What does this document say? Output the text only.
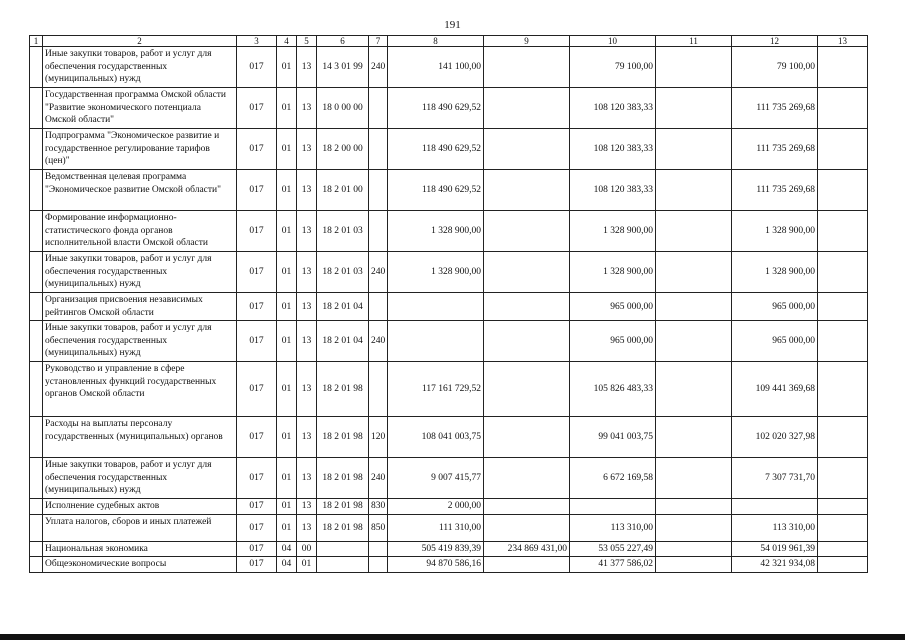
191
1	2	3	4	5	6	7	8	9	10	11	12	13
	Иные закупки товаров, работ и услуг для обеспечения государственных (муниципальных) нужд	017	01	13	14 3 01 99	240	141 100,00		79 100,00		79 100,00	
	Государственная программа Омской области "Развитие экономического потенциала Омской области"	017	01	13	18 0 00 00		118 490 629,52		108 120 383,33		111 735 269,68	
	Подпрограмма "Экономическое развитие и государственное регулирование тарифов (цен)"	017	01	13	18 2 00 00		118 490 629,52		108 120 383,33		111 735 269,68	
	Ведомственная целевая программа "Экономическое развитие Омской области"	017	01	13	18 2 01 00		118 490 629,52		108 120 383,33		111 735 269,68	
	Формирование информационно-статистического фонда органов исполнительной власти Омской области	017	01	13	18 2 01 03		1 328 900,00		1 328 900,00		1 328 900,00	
	Иные закупки товаров, работ и услуг для обеспечения государственных (муниципальных) нужд	017	01	13	18 2 01 03	240	1 328 900,00		1 328 900,00		1 328 900,00	
	Организация присвоения независимых рейтингов Омской области	017	01	13	18 2 01 04				965 000,00		965 000,00	
	Иные закупки товаров, работ и услуг для обеспечения государственных (муниципальных) нужд	017	01	13	18 2 01 04	240			965 000,00		965 000,00	
	Руководство и управление в сфере установленных функций государственных органов Омской области	017	01	13	18 2 01 98		117 161 729,52		105 826 483,33		109 441 369,68	
	Расходы на выплаты персоналу государственных (муниципальных) органов	017	01	13	18 2 01 98	120	108 041 003,75		99 041 003,75		102 020 327,98	
	Иные закупки товаров, работ и услуг для обеспечения государственных (муниципальных) нужд	017	01	13	18 2 01 98	240	9 007 415,77		6 672 169,58		7 307 731,70	
	Исполнение судебных актов	017	01	13	18 2 01 98	830	2 000,00					
	Уплата налогов, сборов и иных платежей	017	01	13	18 2 01 98	850	111 310,00		113 310,00		113 310,00	
	Национальная экономика	017	04	00			505 419 839,39	234 869 431,00	53 055 227,49		54 019 961,39	
	Общеэкономические вопросы	017	04	01			94 870 586,16		41 377 586,02		42 321 934,08	
